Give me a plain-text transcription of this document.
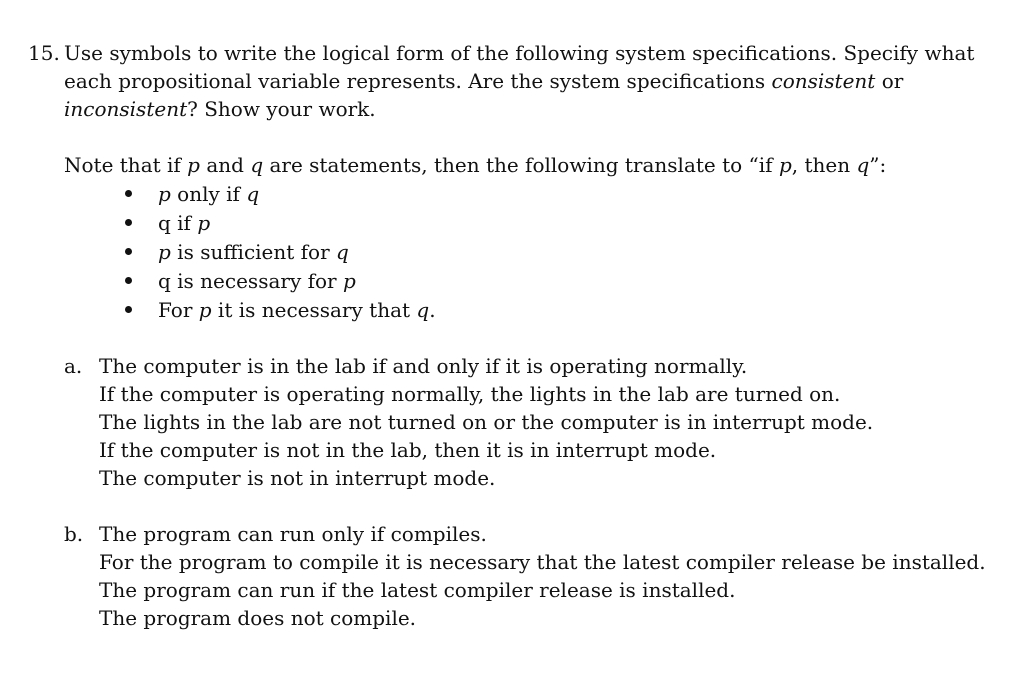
15. Use symbols to write the logical form of the following system specifications. Specify what
each propositional variable represents. Are the system specifications consistent or
inconsistent? Show your work.
Note that if p and q are statements, then the following translate to “if p, then q”:
p only if q
q if p
p is sufficient for q
q is necessary for p
For p it is necessary that q.
a. The computer is in the lab if and only if it is operating normally.
If the computer is operating normally, the lights in the lab are turned on.
The lights in the lab are not turned on or the computer is in interrupt mode.
If the computer is not in the lab, then it is in interrupt mode.
The computer is not in interrupt mode.
b. The program can run only if compiles.
For the program to compile it is necessary that the latest compiler release be installed.
The program can run if the latest compiler release is installed.
The program does not compile.
